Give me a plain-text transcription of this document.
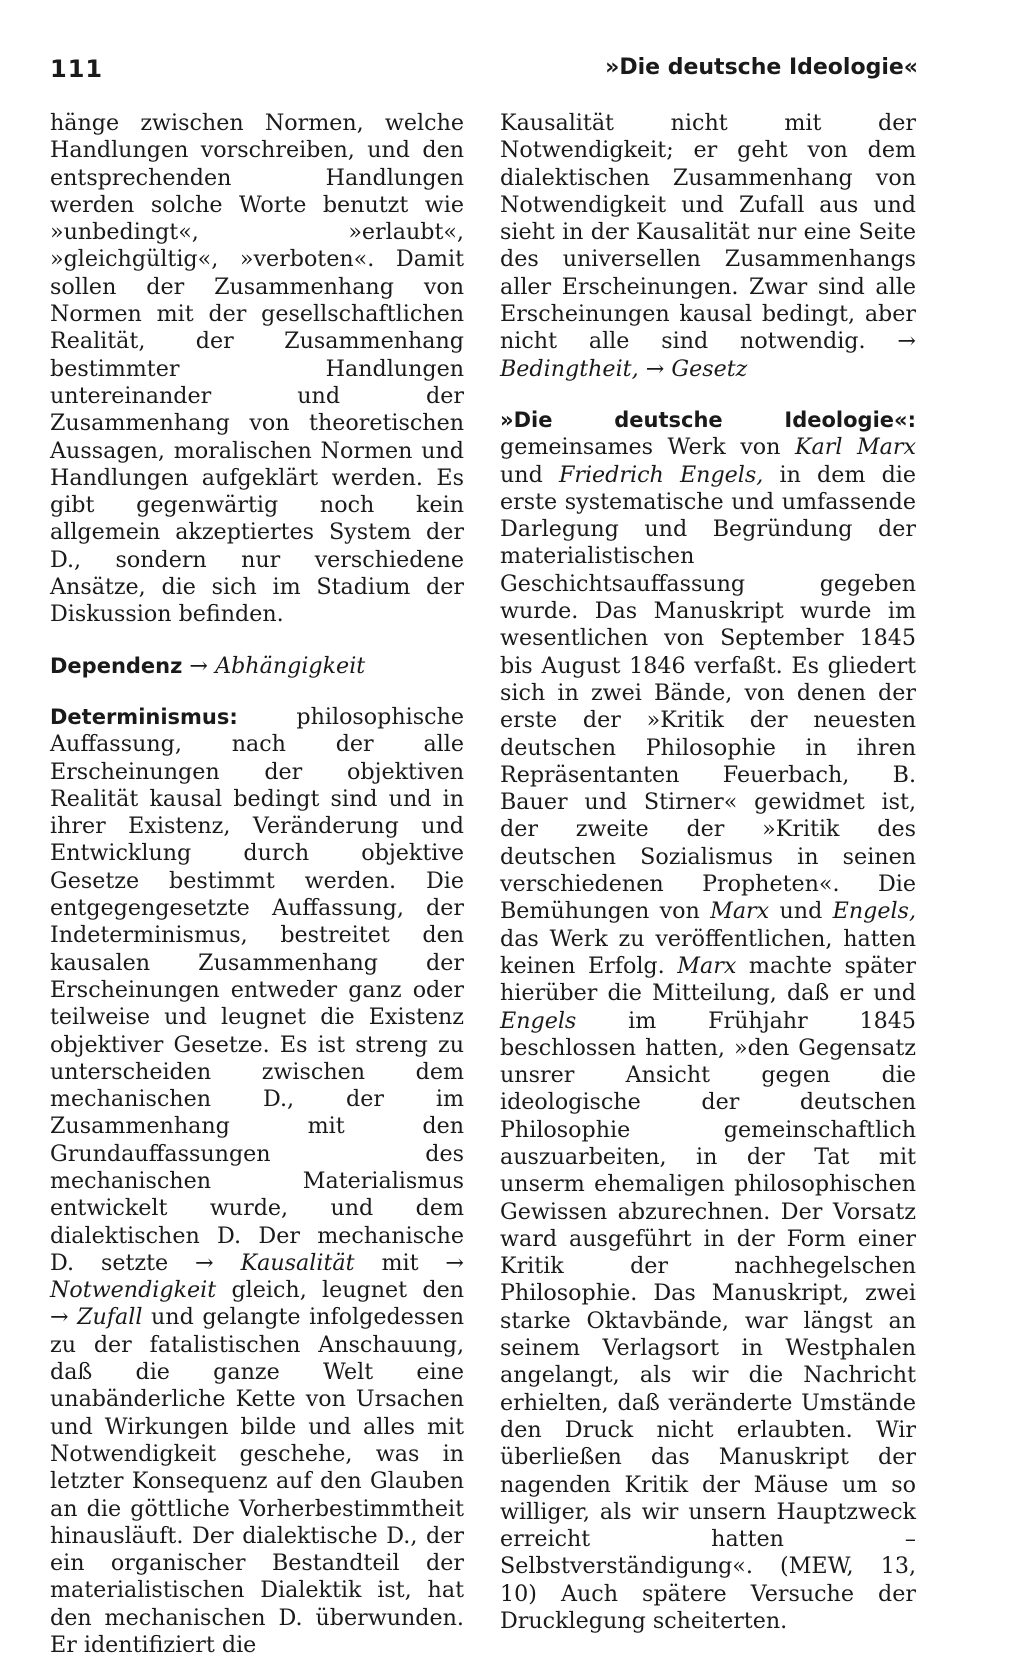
111	»Die deutsche Ideologie«

hänge zwischen Normen, welche Handlungen vorschreiben, und den entsprechenden Handlungen werden solche Worte benutzt wie »unbedingt«, »erlaubt«, »gleichgültig«, »verboten«. Damit sollen der Zusammenhang von Normen mit der gesellschaftlichen Realität, der Zusammenhang bestimmter Handlungen untereinander und der Zusammenhang von theoretischen Aussagen, moralischen Normen und Handlungen aufgeklärt werden. Es gibt gegenwärtig noch kein allgemein akzeptiertes System der D., sondern nur verschiedene Ansätze, die sich im Stadium der Diskussion befinden.

Dependenz → Abhängigkeit

Determinismus: philosophische Auffassung, nach der alle Erscheinungen der objektiven Realität kausal bedingt sind und in ihrer Existenz, Veränderung und Entwicklung durch objektive Gesetze bestimmt werden. Die entgegengesetzte Auffassung, der Indeterminismus, bestreitet den kausalen Zusammenhang der Erscheinungen entweder ganz oder teilweise und leugnet die Existenz objektiver Gesetze. Es ist streng zu unterscheiden zwischen dem mechanischen D., der im Zusammenhang mit den Grundauffassungen des mechanischen Materialismus entwickelt wurde, und dem dialektischen D. Der mechanische D. setzte → Kausalität mit → Notwendigkeit gleich, leugnet den → Zufall und gelangte infolgedessen zu der fatalistischen Anschauung, daß die ganze Welt eine unabänderliche Kette von Ursachen und Wirkungen bilde und alles mit Notwendigkeit geschehe, was in letzter Konsequenz auf den Glauben an die göttliche Vorherbestimmtheit hinausläuft. Der dialektische D., der ein organischer Bestandteil der materialistischen Dialektik ist, hat den mechanischen D. überwunden. Er identifiziert die

Kausalität nicht mit der Notwendigkeit; er geht von dem dialektischen Zusammenhang von Notwendigkeit und Zufall aus und sieht in der Kausalität nur eine Seite des universellen Zusammenhangs aller Erscheinungen. Zwar sind alle Erscheinungen kausal bedingt, aber nicht alle sind notwendig. → Bedingtheit, → Gesetz

»Die deutsche Ideologie«: gemeinsames Werk von Karl Marx und Friedrich Engels, in dem die erste systematische und umfassende Darlegung und Begründung der materialistischen Geschichtsauffassung gegeben wurde. Das Manuskript wurde im wesentlichen von September 1845 bis August 1846 verfaßt. Es gliedert sich in zwei Bände, von denen der erste der »Kritik der neuesten deutschen Philosophie in ihren Repräsentanten Feuerbach, B. Bauer und Stirner« gewidmet ist, der zweite der »Kritik des deutschen Sozialismus in seinen verschiedenen Propheten«. Die Bemühungen von Marx und Engels, das Werk zu veröffentlichen, hatten keinen Erfolg. Marx machte später hierüber die Mitteilung, daß er und Engels im Frühjahr 1845 beschlossen hatten, »den Gegensatz unsrer Ansicht gegen die ideologische der deutschen Philosophie gemeinschaftlich auszuarbeiten, in der Tat mit unserm ehemaligen philosophischen Gewissen abzurechnen. Der Vorsatz ward ausgeführt in der Form einer Kritik der nachhegelschen Philosophie. Das Manuskript, zwei starke Oktavbände, war längst an seinem Verlagsort in Westphalen angelangt, als wir die Nachricht erhielten, daß veränderte Umstände den Druck nicht erlaubten. Wir überließen das Manuskript der nagenden Kritik der Mäuse um so williger, als wir unsern Hauptzweck erreicht hatten – Selbstverständigung«. (MEW, 13, 10) Auch spätere Versuche der Drucklegung scheiterten.
